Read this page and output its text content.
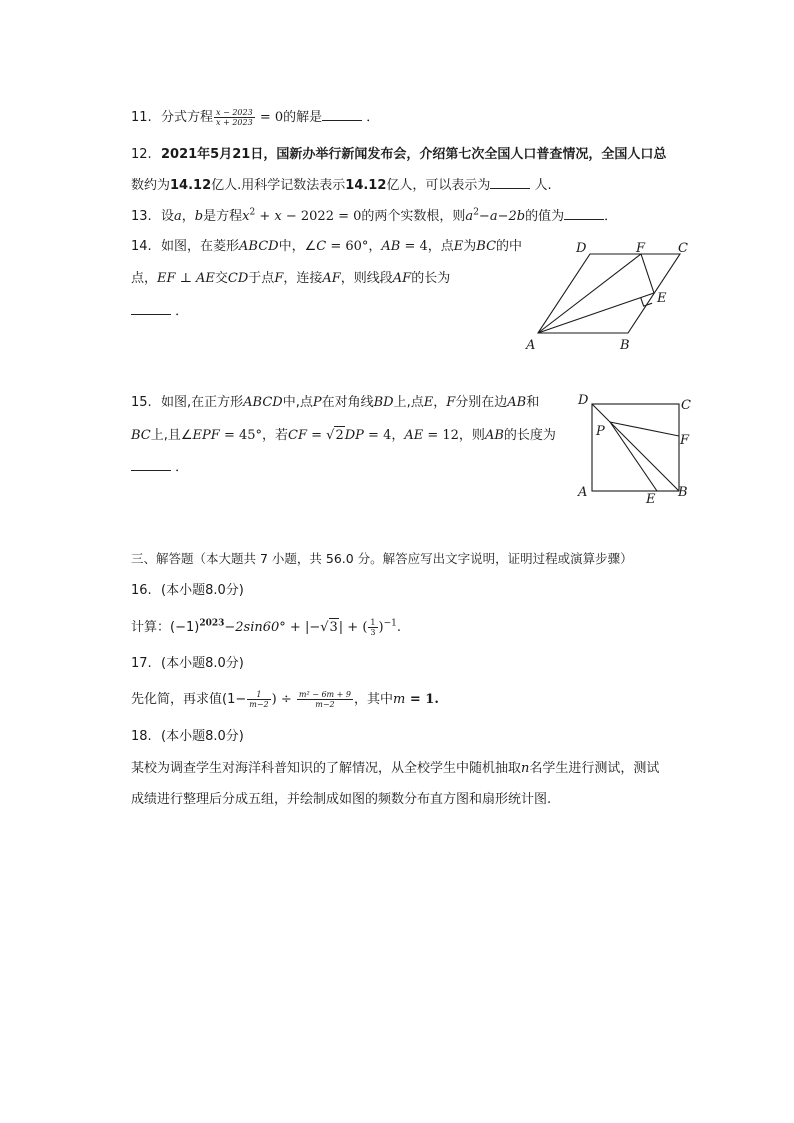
11. 分式方程 $\frac{x - 2023}{x + 2023} = 0$的解是	．
12. 2021年5月21日，国新办举行新闻发布会，介绍第七次全国人口普查情况，全国人口总
数约为14.12亿人.用科学记数法表示14.12亿人，可以表示为	人.
13. 设a，b是方程$x^2 + x - 2022 = 0$的两个实数根，则$a^2-a-2b$的值为	．
14. 如图，在菱形ABCD中，∠C = 60°，AB = 4，点E为BC的中
点，EF ⊥ AE交CD于点F，连接AF，则线段AF的长为
．
A	B
C
D
E
F
15. 如图,在正方形ABCD中,点P在对角线BD上,点E，F分别在边AB和
BC上,且∠EPF = 45°，若CF = √2DP = 4，AE = 12，则AB的长度为
．
D	C
F
P
A	E B
三、解答题（本大题共 7 小题，共 56.0 分。解答应写出文字说明，证明过程或演算步骤）
16. (本小题8.0分)
计算：$(-1)^{2023}-2\sin 60^\circ + |-√3|$ + ( $\frac{1}{3} )^{-1}$.
17. (本小题8.0分)
先化简，再求值($1- \frac{1}{m-2}$ ) ÷ $\frac{\text{m² − 6m + 9}}{m-2}$ ，其中m = 1.
18. (本小题8.0分)
某校为调查学生对海洋科普知识的了解情况，从全校学生中随机抽取n名学生进行测试，测试
成绩进行整理后分成五组，并绘制成如图的频数分布直方图和扇形统计图.
